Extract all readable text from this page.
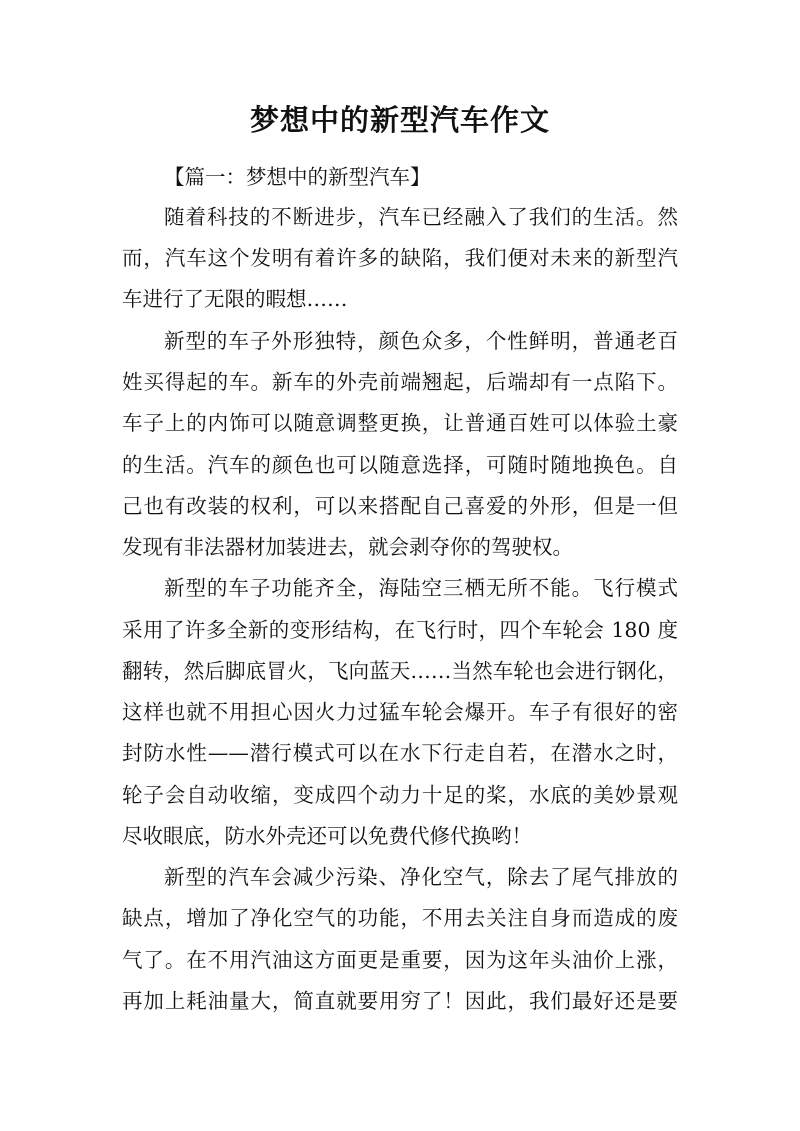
梦想中的新型汽车作文
【篇一：梦想中的新型汽车】
随着科技的不断进步，汽车已经融入了我们的生活。然
而，汽车这个发明有着许多的缺陷，我们便对未来的新型汽
车进行了无限的暇想……
新型的车子外形独特，颜色众多，个性鲜明，普通老百
姓买得起的车。新车的外壳前端翘起，后端却有一点陷下。
车子上的内饰可以随意调整更换，让普通百姓可以体验土豪
的生活。汽车的颜色也可以随意选择，可随时随地换色。自
己也有改装的权利，可以来搭配自己喜爱的外形，但是一但
发现有非法器材加装进去，就会剥夺你的驾驶权。
新型的车子功能齐全，海陆空三栖无所不能。飞行模式
采用了许多全新的变形结构，在飞行时，四个车轮会 180 度
翻转，然后脚底冒火，飞向蓝天……当然车轮也会进行钢化，
这样也就不用担心因火力过猛车轮会爆开。车子有很好的密
封防水性——潜行模式可以在水下行走自若，在潜水之时，
轮子会自动收缩，变成四个动力十足的桨，水底的美妙景观
尽收眼底，防水外壳还可以免费代修代换哟！
新型的汽车会减少污染、净化空气，除去了尾气排放的
缺点，增加了净化空气的功能，不用去关注自身而造成的废
气了。在不用汽油这方面更是重要，因为这年头油价上涨，
再加上耗油量大，简直就要用穷了！因此，我们最好还是要
